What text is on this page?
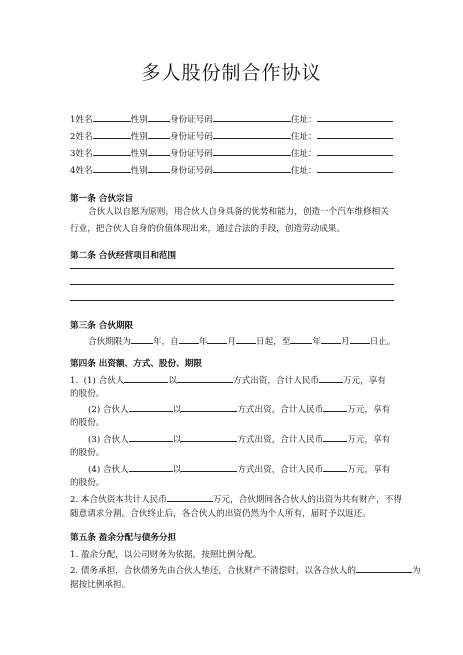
多人股份制合作协议
1姓名	性别	身份证号码	住址：
2姓名	性别	身份证号码	住址：
3姓名	性别	身份证号码	住址：
4姓名	性别	身份证号码	住址：
第一条 合伙宗旨
合伙人以自愿为原则，用合伙人自身具备的优势和能力，创造一个汽车维修相关行业，把合伙人自身的价值体现出来，通过合法的手段，创造劳动成果。
第二条 合伙经营项目和范围
第三条 合伙期限
合伙期限为	年，自 年 月 日起，至	年 月 日止。
第四条 出资额、方式、股份、期限
1. (1) 合伙人	以	方式出资，合计人民币	万元，享有
的股份。
(2) 合伙人	以	方式出资，合计人民币	万元，享有
的股份。
(3) 合伙人	以	方式出资，合计人民币	万元，享有
的股份。
(4) 合伙人	以	方式出资，合计人民币	万元，享有
的股份。
2. 本合伙资本共计人民币	万元，合伙期间各合伙人的出资为共有财产，不得
随意请求分割。合伙终止后，各合伙人的出资仍然为个人所有，届时予以返还。
第五条 盈余分配与债务分担
1. 盈余分配，以公司财务为依据，按照比例分配。
2. 债务承担，合伙债务先由合伙人垫还，合伙财产不清偿时，以各合伙人的	为
据按比例承担。
